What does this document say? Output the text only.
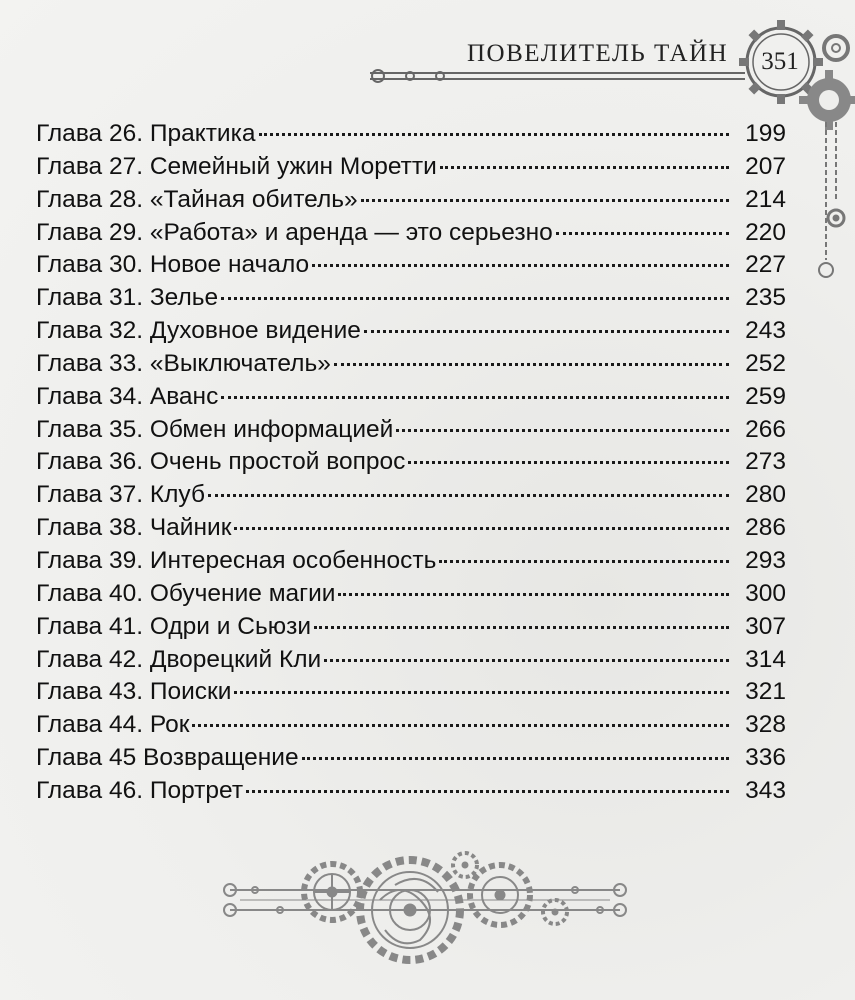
ПОВЕЛИТЕЛЬ ТАЙН	351
Глава 26. Практика	199
Глава 27. Семейный ужин Моретти	207
Глава 28. «Тайная обитель»	214
Глава 29. «Работа» и аренда — это серьезно	220
Глава 30. Новое начало	227
Глава 31. Зелье	235
Глава 32. Духовное видение	243
Глава 33. «Выключатель»	252
Глава 34. Аванс	259
Глава 35. Обмен информацией	266
Глава 36. Очень простой вопрос	273
Глава 37. Клуб	280
Глава 38. Чайник	286
Глава 39. Интересная особенность	293
Глава 40. Обучение магии	300
Глава 41. Одри и Сьюзи	307
Глава 42. Дворецкий Кли	314
Глава 43. Поиски	321
Глава 44. Рок	328
Глава 45 Возвращение	336
Глава 46. Портрет	343
